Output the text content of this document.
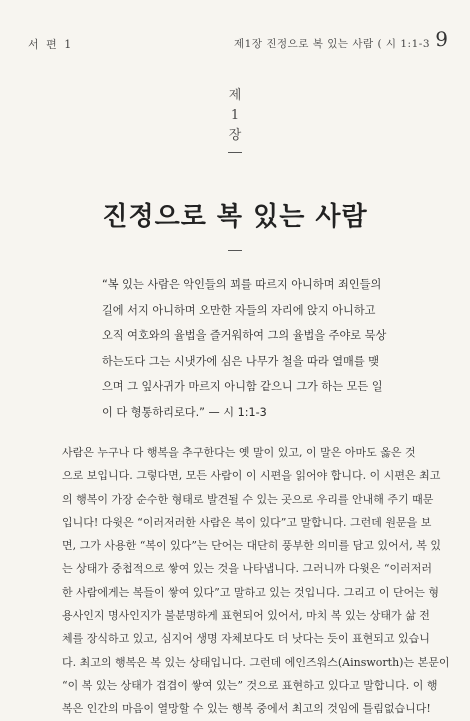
서 편 1	제1장 진정으로 복 있는 사람 ( 시 1:1-3 9
제
1
장
진정으로 복 있는 사람
“복 있는 사람은 악인들의 꾀를 따르지 아니하며 죄인들의
길에 서지 아니하며 오만한 자들의 자리에 앉지 아니하고
오직 여호와의 율법을 즐거워하여 그의 율법을 주야로 묵상
하는도다 그는 시냇가에 심은 나무가 철을 따라 열매를 맺
으며 그 잎사귀가 마르지 아니함 같으니 그가 하는 모든 일
이 다 형통하리로다.” — 시 1:1-3
사람은 누구나 다 행복을 추구한다는 옛 말이 있고, 이 말은 아마도 옳은 것
으로 보입니다. 그렇다면, 모든 사람이 이 시편을 읽어야 합니다. 이 시편은 최고
의 행복이 가장 순수한 형태로 발견될 수 있는 곳으로 우리를 안내해 주기 때문
입니다! 다윗은 “이러저러한 사람은 복이 있다”고 말합니다. 그런데 원문을 보
면, 그가 사용한 “복이 있다”는 단어는 대단히 풍부한 의미를 담고 있어서, 복 있
는 상태가 중첩적으로 쌓여 있는 것을 나타냅니다. 그러니까 다윗은 “이러저러
한 사람에게는 복들이 쌓여 있다”고 말하고 있는 것입니다. 그리고 이 단어는 형
용사인지 명사인지가 불분명하게 표현되어 있어서, 마치 복 있는 상태가 삶 전
체를 장식하고 있고, 심지어 생명 자체보다도 더 낫다는 듯이 표현되고 있습니
다. 최고의 행복은 복 있는 상태입니다. 그런데 에인즈워스(Ainsworth)는 본문이
“이 복 있는 상태가 겹겹이 쌓여 있는” 것으로 표현하고 있다고 말합니다. 이 행
복은 인간의 마음이 열망할 수 있는 행복 중에서 최고의 것임에 틀림없습니다!
